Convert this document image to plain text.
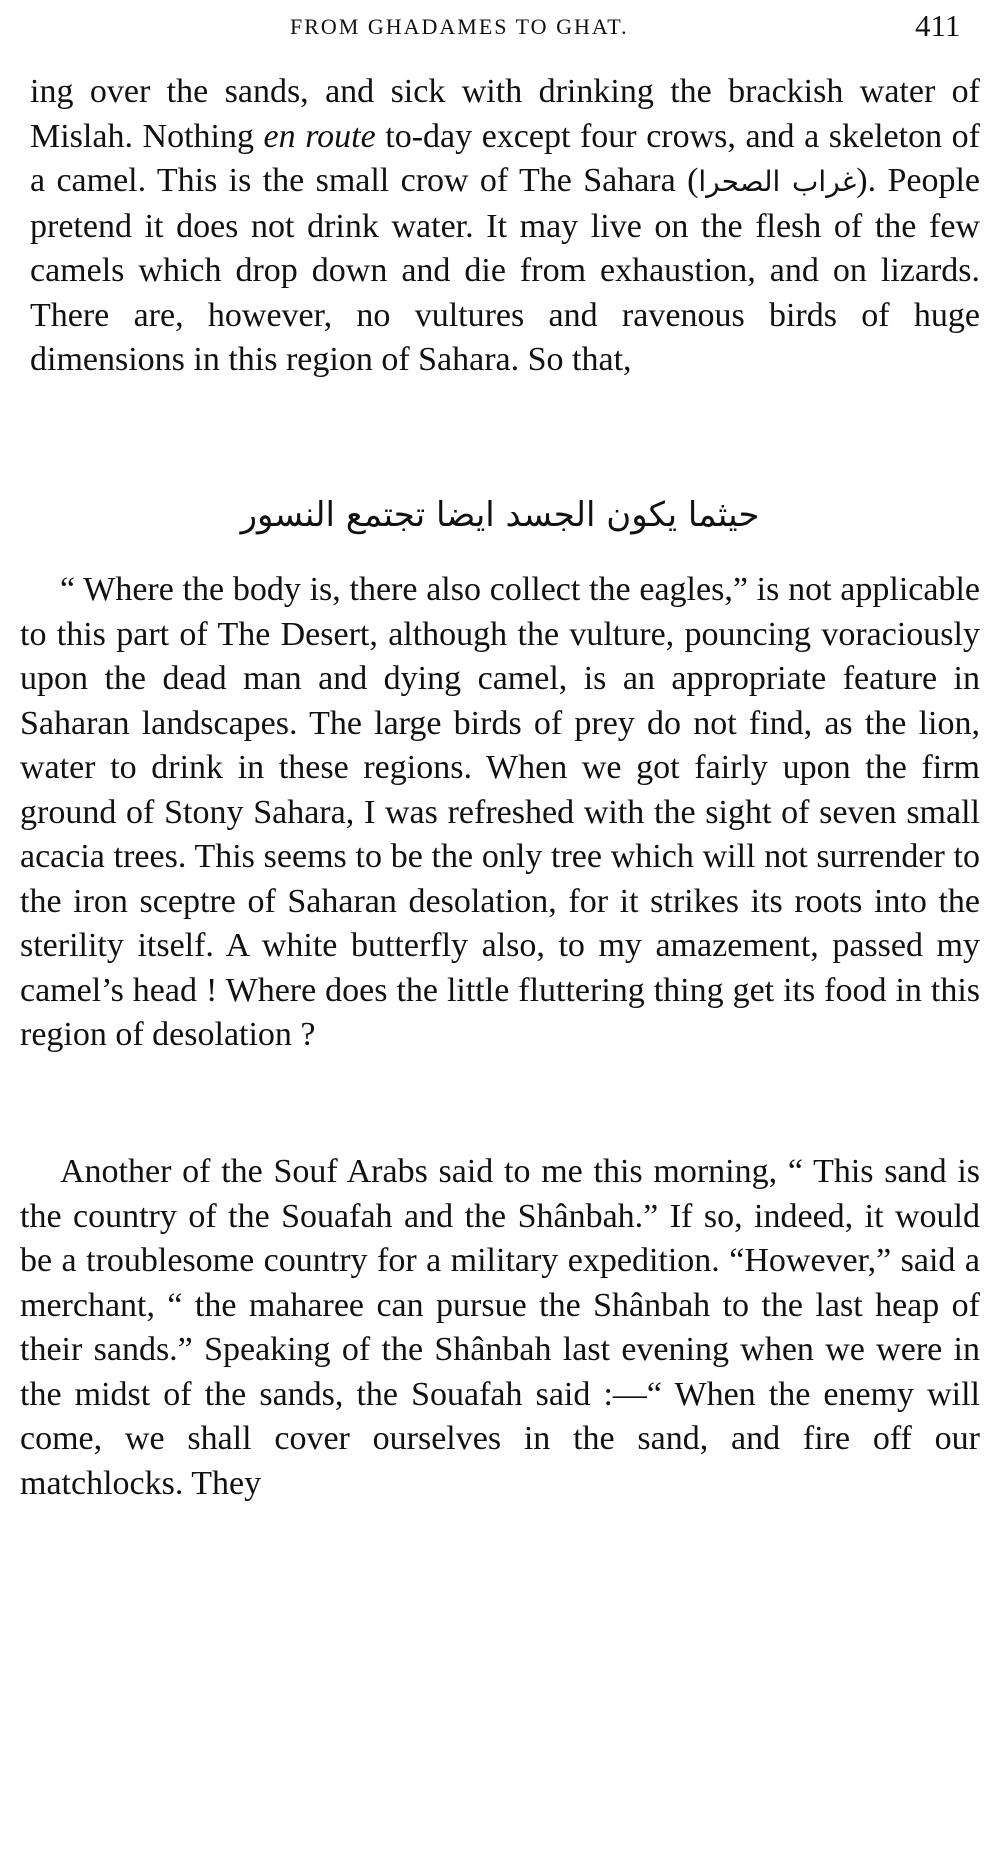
FROM GHADAMES TO GHAT.	411

ing over the sands, and sick with drinking the brackish water of Mislah. Nothing en route to-day except four crows, and a skeleton of a camel. This is the small crow of The Sahara (غراب الصحرا). People pretend it does not drink water. It may live on the flesh of the few camels which drop down and die from exhaustion, and on lizards. There are, however, no vultures and ravenous birds of huge dimensions in this region of Sahara. So that,

حيثما يكون الجسد ايضا تجتمع النسور

“ Where the body is, there also collect the eagles,” is not applicable to this part of The Desert, although the vulture, pouncing voraciously upon the dead man and dying camel, is an appropriate feature in Saharan landscapes. The large birds of prey do not find, as the lion, water to drink in these regions. When we got fairly upon the firm ground of Stony Sahara, I was refreshed with the sight of seven small acacia trees. This seems to be the only tree which will not surrender to the iron sceptre of Saharan desolation, for it strikes its roots into the sterility itself. A white butterfly also, to my amazement, passed my camel’s head ! Where does the little fluttering thing get its food in this region of desolation ?

Another of the Souf Arabs said to me this morning, “ This sand is the country of the Souafah and the Shânbah.” If so, indeed, it would be a troublesome country for a military expedition. “However,” said a merchant, “ the maharee can pursue the Shânbah to the last heap of their sands.” Speaking of the Shânbah last evening when we were in the midst of the sands, the Souafah said :—“ When the enemy will come, we shall cover ourselves in the sand, and fire off our matchlocks. They
